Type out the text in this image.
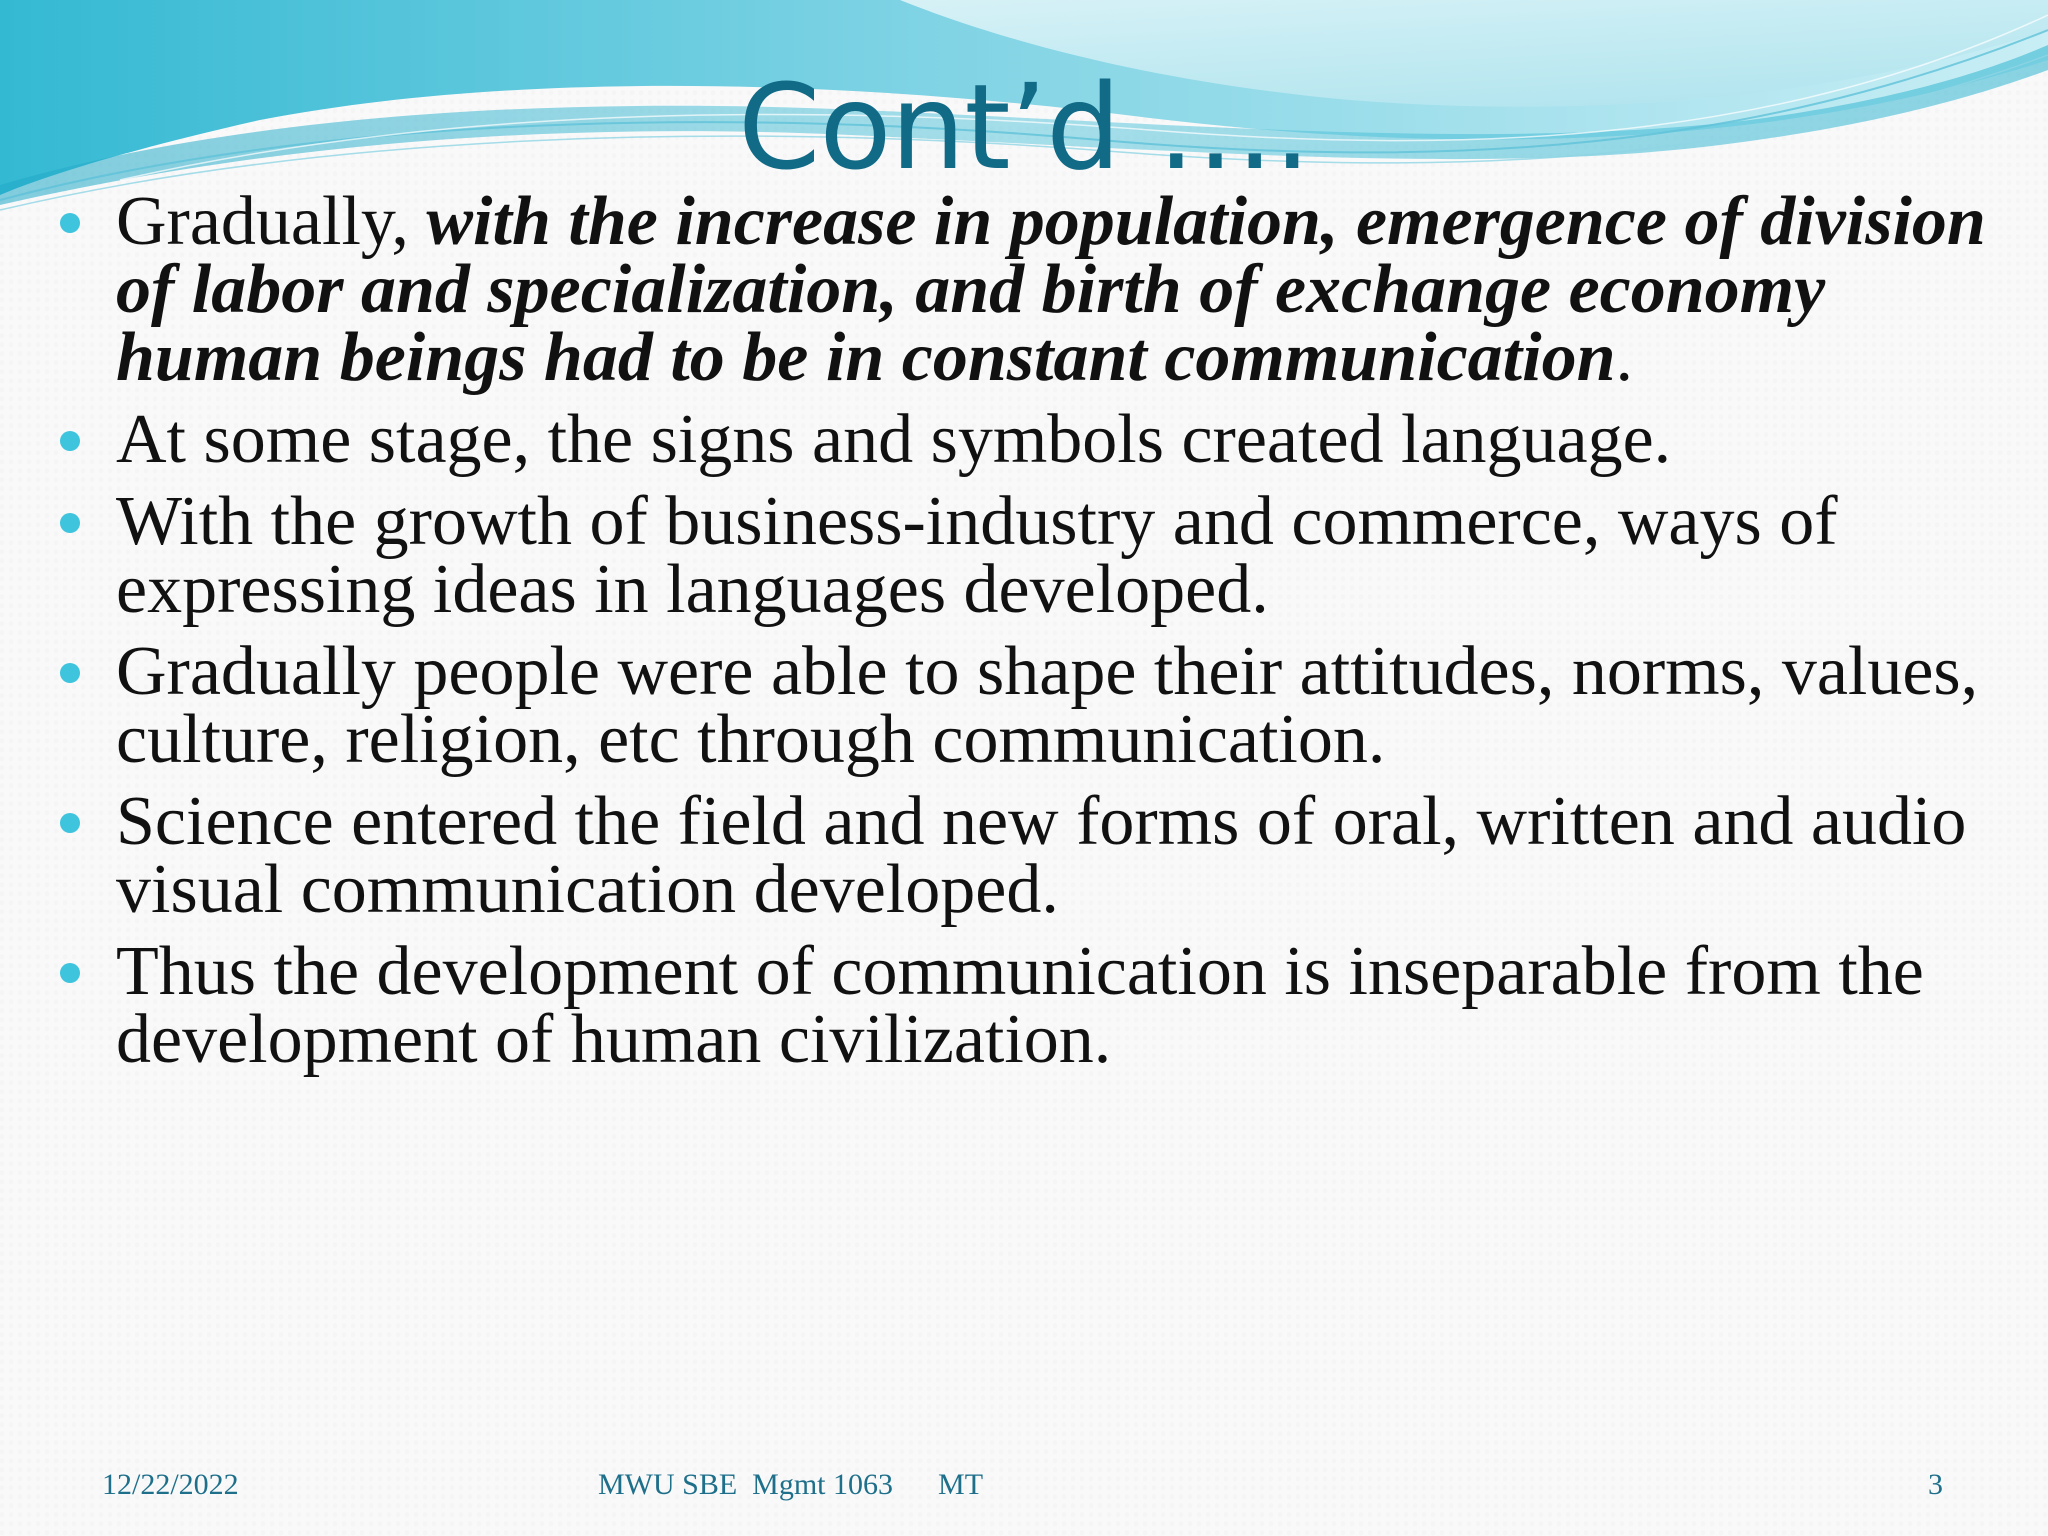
Cont’d ….
Gradually, with the increase in population, emergence of division of labor and specialization, and birth of exchange economy human beings had to be in constant communication.
At some stage, the signs and symbols created language.
With the growth of business-industry and commerce, ways of expressing ideas in languages developed.
Gradually people were able to shape their attitudes, norms, values, culture, religion, etc through communication.
Science entered the field and new forms of oral, written and audio visual communication developed.
Thus the development of communication is inseparable from the development of human civilization.
12/22/2022	MWU SBE  Mgmt 1063      MT	3
